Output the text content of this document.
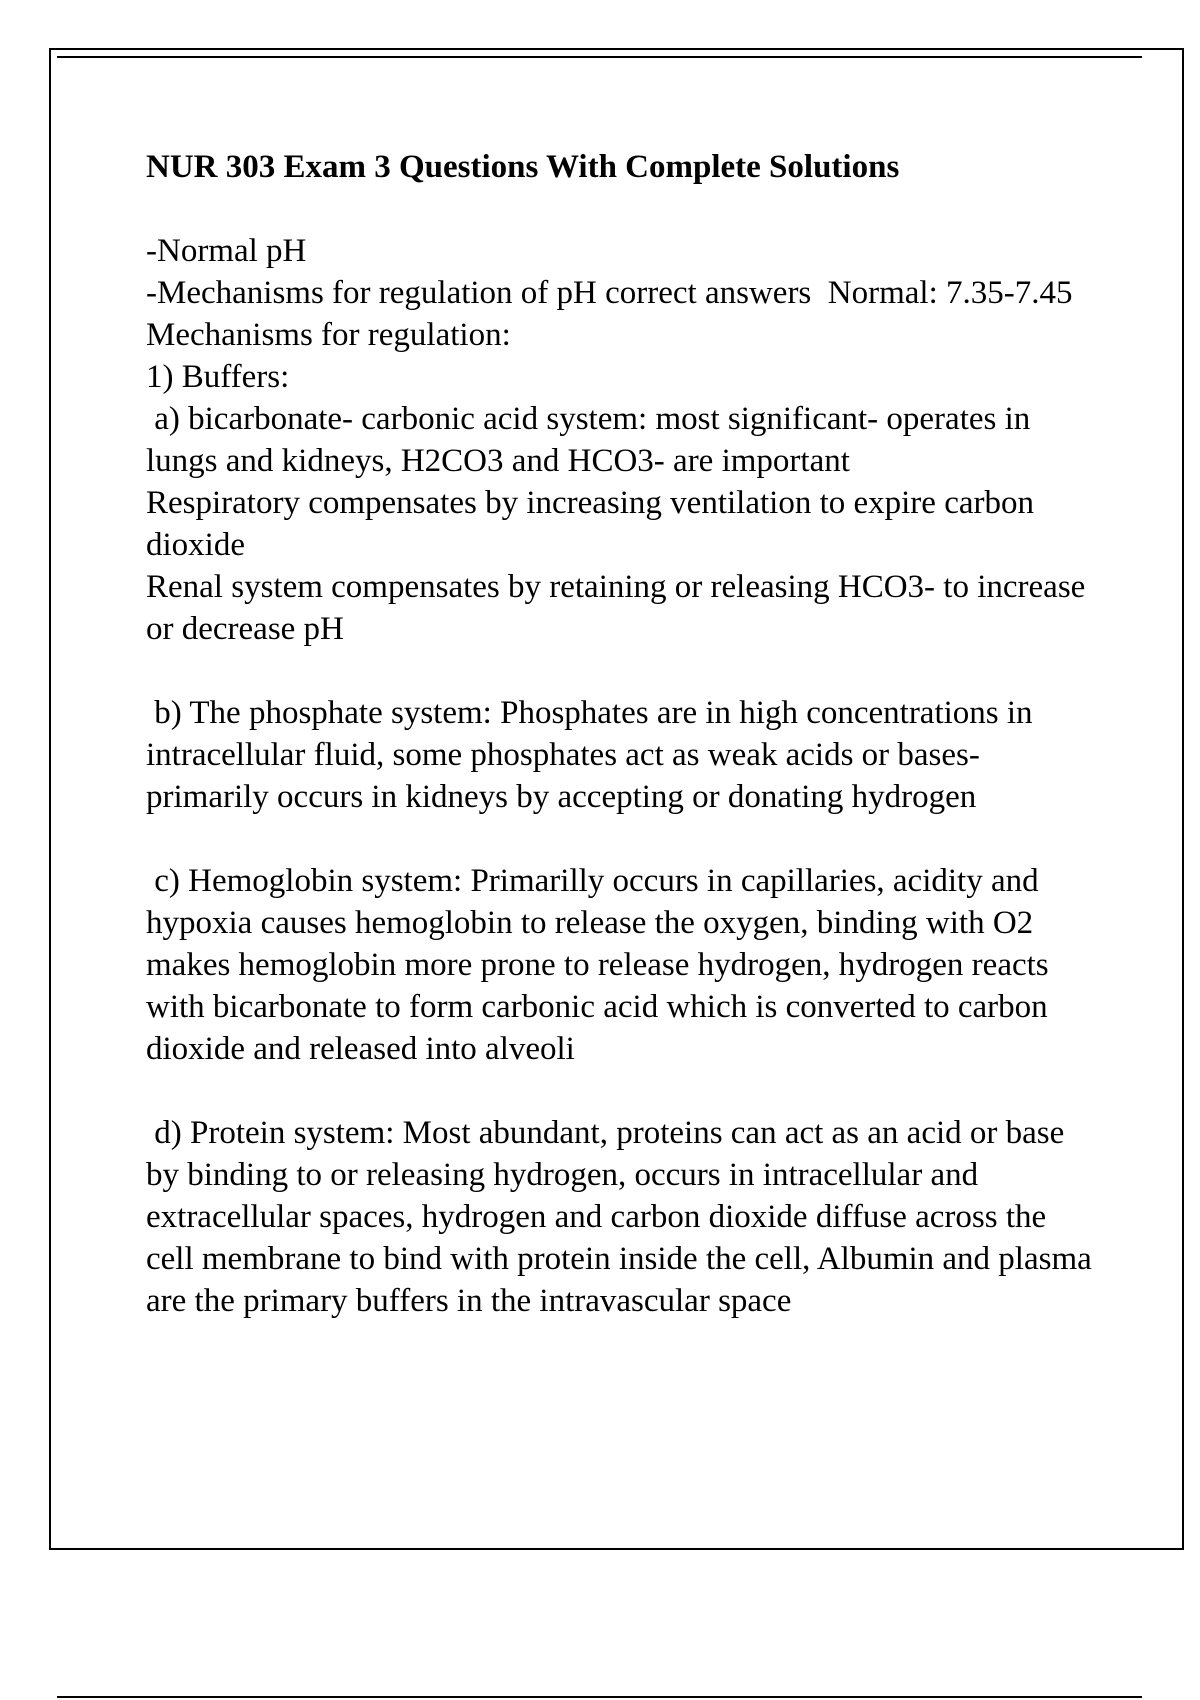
NUR 303 Exam 3 Questions With Complete Solutions

-Normal pH
-Mechanisms for regulation of pH correct answers  Normal: 7.35-7.45
Mechanisms for regulation:
1) Buffers:
a) bicarbonate- carbonic acid system: most significant- operates in lungs and kidneys, H2CO3 and HCO3- are important
Respiratory compensates by increasing ventilation to expire carbon dioxide
Renal system compensates by retaining or releasing HCO3- to increase or decrease pH

b) The phosphate system: Phosphates are in high concentrations in intracellular fluid, some phosphates act as weak acids or bases- primarily occurs in kidneys by accepting or donating hydrogen

c) Hemoglobin system: Primarilly occurs in capillaries, acidity and hypoxia causes hemoglobin to release the oxygen, binding with O2 makes hemoglobin more prone to release hydrogen, hydrogen reacts with bicarbonate to form carbonic acid which is converted to carbon dioxide and released into alveoli

d) Protein system: Most abundant, proteins can act as an acid or base by binding to or releasing hydrogen, occurs in intracellular and extracellular spaces, hydrogen and carbon dioxide diffuse across the cell membrane to bind with protein inside the cell, Albumin and plasma are the primary buffers in the intravascular space
